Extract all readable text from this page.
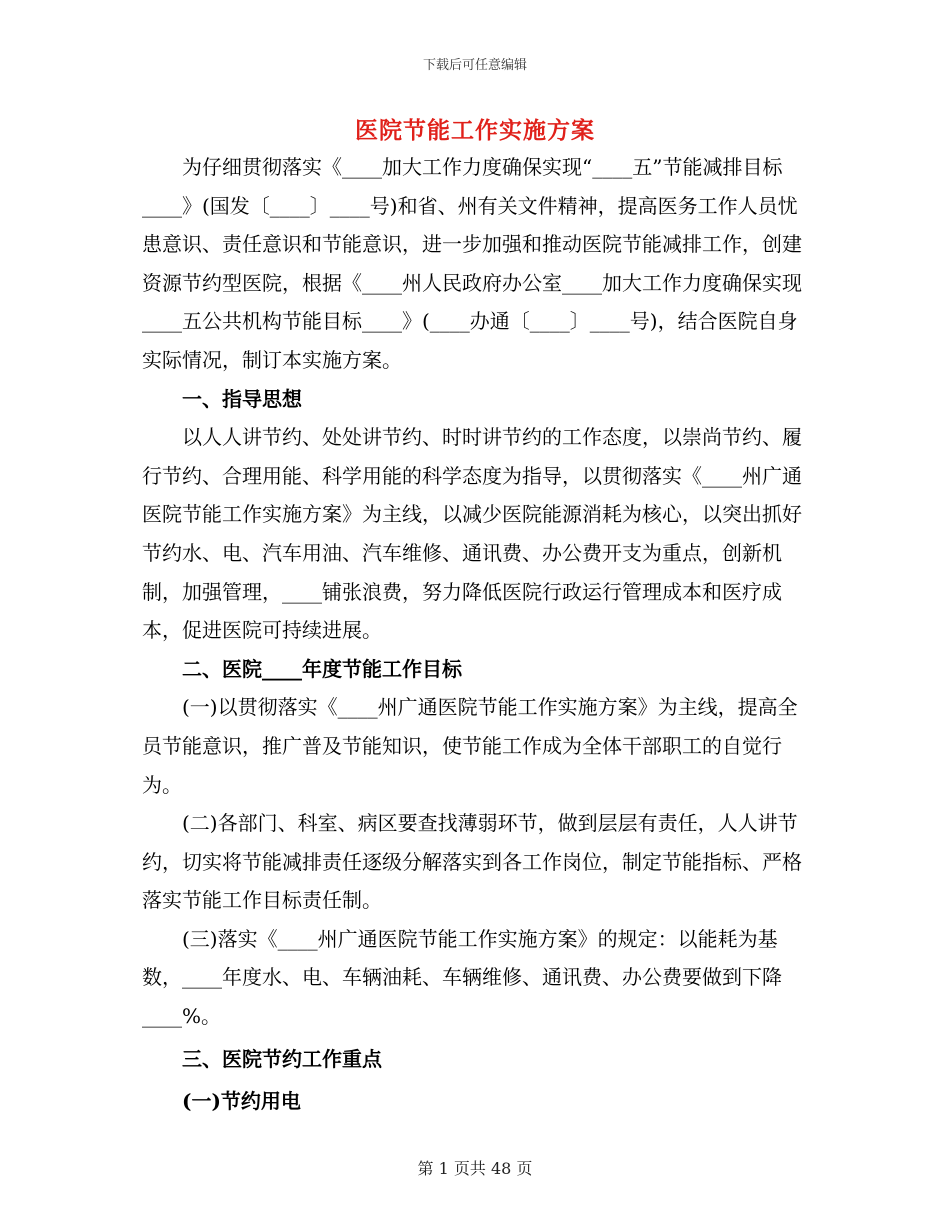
下载后可任意编辑
医院节能工作实施方案

为仔细贯彻落实《____加大工作力度确保实现“____五”节能减排目标____》(国发〔____〕____号)和省、州有关文件精神，提高医务工作人员忧患意识、责任意识和节能意识，进一步加强和推动医院节能减排工作，创建资源节约型医院，根据《____州人民政府办公室____加大工作力度确保实现____五公共机构节能目标____》(____办通〔____〕____号)，结合医院自身实际情况，制订本实施方案。

一、指导思想

以人人讲节约、处处讲节约、时时讲节约的工作态度，以崇尚节约、履行节约、合理用能、科学用能的科学态度为指导，以贯彻落实《____州广通医院节能工作实施方案》为主线，以减少医院能源消耗为核心，以突出抓好节约水、电、汽车用油、汽车维修、通讯费、办公费开支为重点，创新机制，加强管理，____铺张浪费，努力降低医院行政运行管理成本和医疗成本，促进医院可持续进展。

二、医院____年度节能工作目标

(一)以贯彻落实《____州广通医院节能工作实施方案》为主线，提高全员节能意识，推广普及节能知识，使节能工作成为全体干部职工的自觉行为。

(二)各部门、科室、病区要查找薄弱环节，做到层层有责任，人人讲节约，切实将节能减排责任逐级分解落实到各工作岗位，制定节能指标、严格落实节能工作目标责任制。

(三)落实《____州广通医院节能工作实施方案》的规定：以能耗为基数，____年度水、电、车辆油耗、车辆维修、通讯费、办公费要做到下降____%。

三、医院节约工作重点

(一)节约用电

第 1 页共 48 页
